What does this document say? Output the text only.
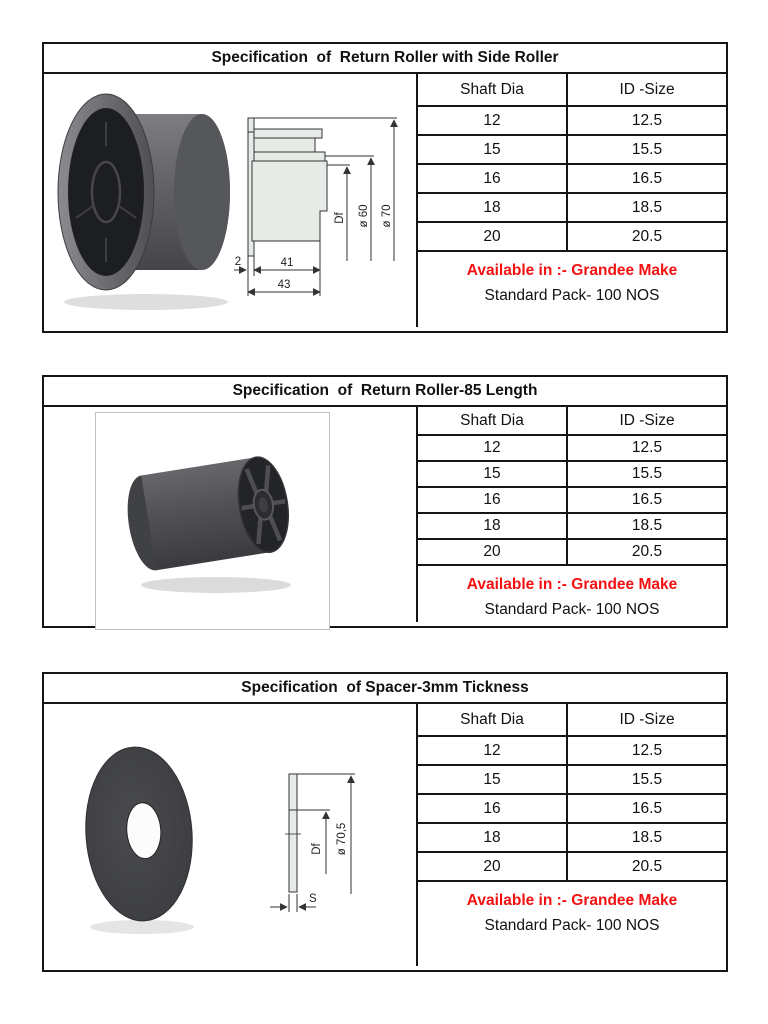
Specification  of  Return Roller with Side Roller
2	41
43
Df ø 60 ø 70
Shaft Dia	ID -Size
12	12.5
15	15.5
16	16.5
18	18.5
20	20.5
Available in :- Grandee Make
Standard Pack- 100 NOS
Specification  of  Return Roller-85 Length
Shaft Dia	ID -Size
12	12.5
15	15.5
16	16.5
18	18.5
20	20.5
Available in :- Grandee Make
Standard Pack- 100 NOS
Specification  of Spacer-3mm Tickness
Df ø 70,5
S
Shaft Dia	ID -Size
12	12.5
15	15.5
16	16.5
18	18.5
20	20.5
Available in :- Grandee Make
Standard Pack- 100 NOS
